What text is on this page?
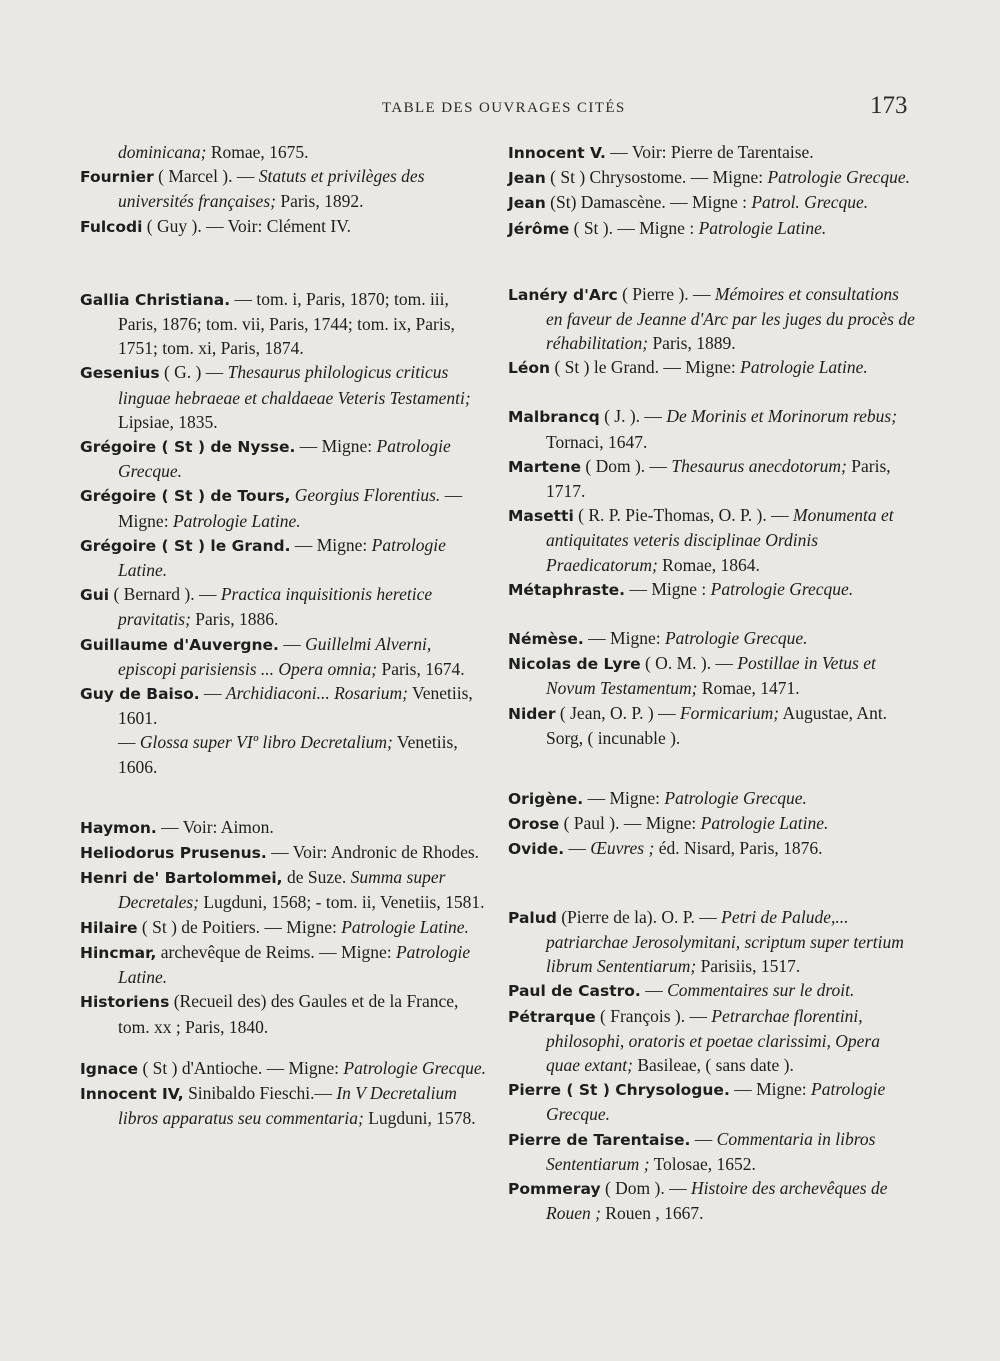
TABLE DES OUVRAGES CITÉS	173

dominicana; Romae, 1675.

Fournier ( Marcel ). — Statuts et privilèges des universités françaises; Paris, 1892.

Fulcodi ( Guy ). — Voir: Clément IV.

Gallia Christiana. — tom. i, Paris, 1870; tom. iii, Paris, 1876; tom. vii, Paris, 1744; tom. ix, Paris, 1751; tom. xi, Paris, 1874.

Gesenius ( G. ) — Thesaurus philologicus criticus linguae hebraeae et chaldaeae Veteris Testamenti; Lipsiae, 1835.

Grégoire ( St ) de Nysse. — Migne: Patrologie Grecque.

Grégoire ( St ) de Tours, Georgius Florentius. — Migne: Patrologie Latine.

Grégoire ( St ) le Grand. — Migne: Patrologie Latine.

Gui ( Bernard ). — Practica inquisitionis heretice pravitatis; Paris, 1886.

Guillaume d'Auvergne. — Guillelmi Alverni, episcopi parisiensis ... Opera omnia; Paris, 1674.

Guy de Baiso. — Archidiaconi... Rosarium; Venetiis, 1601.

— Glossa super VIº libro Decretalium; Venetiis, 1606.

Haymon. — Voir: Aimon.

Heliodorus Prusenus. — Voir: Andronic de Rhodes.

Henri de' Bartolommei, de Suze. Summa super Decretales; Lugduni, 1568; - tom. ii, Venetiis, 1581.

Hilaire ( St ) de Poitiers. — Migne: Patrologie Latine.

Hincmar, archevêque de Reims. — Migne: Patrologie Latine.

Historiens (Recueil des) des Gaules et de la France, tom. xx ; Paris, 1840.

Ignace ( St ) d'Antioche. — Migne: Patrologie Grecque.

Innocent IV, Sinibaldo Fieschi.— In V Decretalium libros apparatus seu commentaria; Lugduni, 1578.

Innocent V. — Voir: Pierre de Tarentaise.

Jean ( St ) Chrysostome. — Migne: Patrologie Grecque.

Jean (St) Damascène. — Migne : Patrol. Grecque.

Jérôme ( St ). — Migne : Patrologie Latine.

Lanéry d'Arc ( Pierre ). — Mémoires et consultations en faveur de Jeanne d'Arc par les juges du procès de réhabilitation; Paris, 1889.

Léon ( St ) le Grand. — Migne: Patrologie Latine.

Malbrancq ( J. ). — De Morinis et Morinorum rebus; Tornaci, 1647.

Martene ( Dom ). — Thesaurus anecdotorum; Paris, 1717.

Masetti ( R. P. Pie-Thomas, O. P. ). — Monumenta et antiquitates veteris disciplinae Ordinis Praedicatorum; Romae, 1864.

Métaphraste. — Migne : Patrologie Grecque.

Némèse. — Migne: Patrologie Grecque.

Nicolas de Lyre ( O. M. ). — Postillae in Vetus et Novum Testamentum; Romae, 1471.

Nider ( Jean, O. P. ) — Formicarium; Augustae, Ant. Sorg, ( incunable ).

Origène. — Migne: Patrologie Grecque.

Orose ( Paul ). — Migne: Patrologie Latine.

Ovide. — Œuvres ; éd. Nisard, Paris, 1876.

Palud (Pierre de la). O. P. — Petri de Palude,... patriarchae Jerosolymitani, scriptum super tertium librum Sententiarum; Parisiis, 1517.

Paul de Castro. — Commentaires sur le droit.

Pétrarque ( François ). — Petrarchae florentini, philosophi, oratoris et poetae clarissimi, Opera quae extant; Basileae, ( sans date ).

Pierre ( St ) Chrysologue. — Migne: Patrologie Grecque.

Pierre de Tarentaise. — Commentaria in libros Sententiarum ; Tolosae, 1652.

Pommeray ( Dom ). — Histoire des archevêques de Rouen ; Rouen , 1667.
